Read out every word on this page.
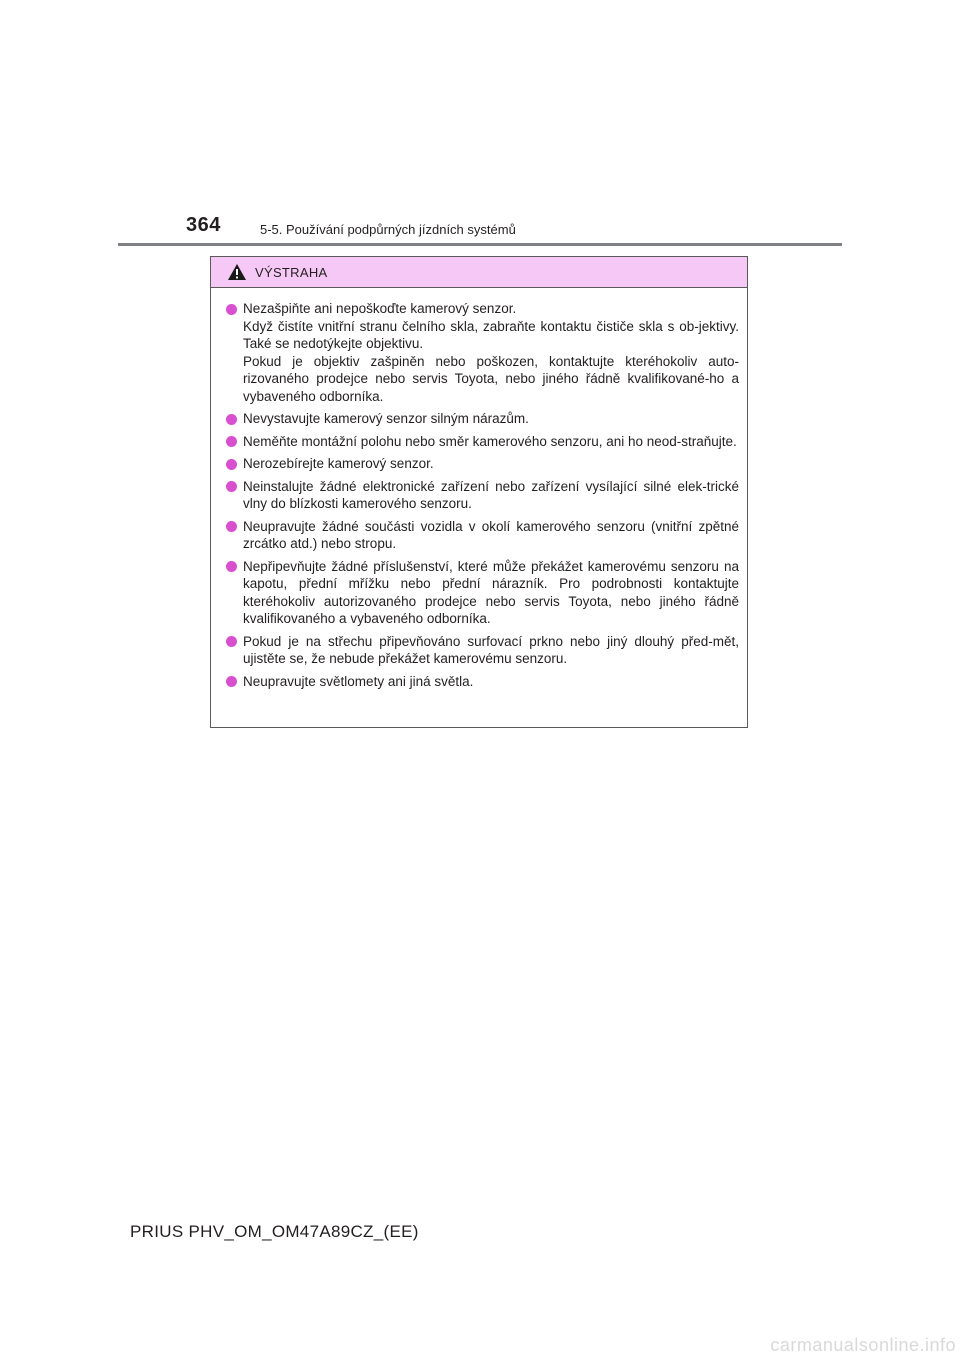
364	5-5. Používání podpůrných jízdních systémů
VÝSTRAHA
Nezašpiňte ani nepoškoďte kamerový senzor.
Když čistíte vnitřní stranu čelního skla, zabraňte kontaktu čističe skla s ob-jektivy. Také se nedotýkejte objektivu.
Pokud je objektiv zašpiněn nebo poškozen, kontaktujte kteréhokoliv auto-rizovaného prodejce nebo servis Toyota, nebo jiného řádně kvalifikované-ho a vybaveného odborníka.
Nevystavujte kamerový senzor silným nárazům.
Neměňte montážní polohu nebo směr kamerového senzoru, ani ho neod-straňujte.
Nerozebírejte kamerový senzor.
Neinstalujte žádné elektronické zařízení nebo zařízení vysílající silné elek-trické vlny do blízkosti kamerového senzoru.
Neupravujte žádné součásti vozidla v okolí kamerového senzoru (vnitřní zpětné zrcátko atd.) nebo stropu.
Nepřipevňujte žádné příslušenství, které může překážet kamerovému senzoru na kapotu, přední mřížku nebo přední nárazník. Pro podrobnosti kontaktujte kteréhokoliv autorizovaného prodejce nebo servis Toyota, nebo jiného řádně kvalifikovaného a vybaveného odborníka.
Pokud je na střechu připevňováno surfovací prkno nebo jiný dlouhý před-mět, ujistěte se, že nebude překážet kamerovému senzoru.
Neupravujte světlomety ani jiná světla.
PRIUS PHV_OM_OM47A89CZ_(EE)
carmanualsonline.info
